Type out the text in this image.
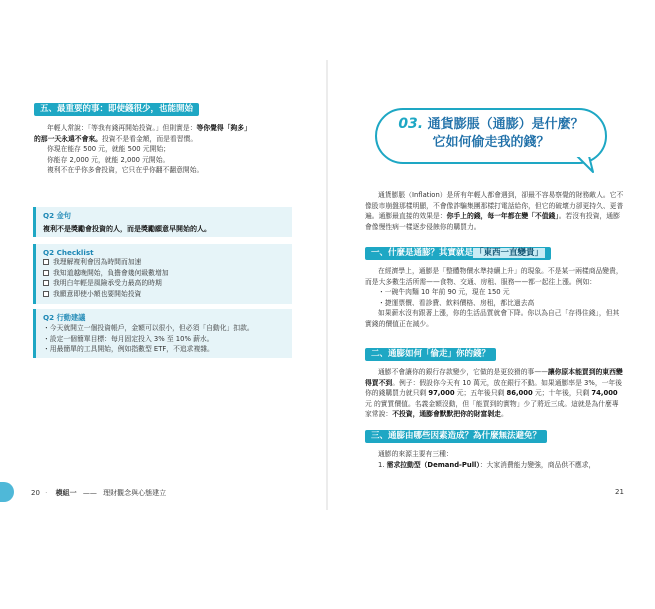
五、最重要的事：即使錢很少，也能開始
年輕人常說：「等我有錢再開始投資。」但則實是：等你覺得「夠多」
的那一天永遠不會來。投資不是看金額，而是看習慣。
你現在能存 500 元，就能 500 元開始；
你能存 2,000 元，就能 2,000 元開始。
複利不在乎你多會投資，它只在乎你翻不翻意開始。
Q2 金句
複利不是獎勵會投資的人，而是獎勵願意早開始的人。
Q2 Checklist
我理解複利會因為時間而加速
我知道越晚開始，負擔會幾何級數增加
我明白年輕是風險承受力最高的時期
我願意即使小額也要開始投資
Q2 行動建議
・今天就開立一個投資帳戶，金額可以很小，但必須「自動化」扣款。
・設定一個簡單目標：每月固定投入 3% 至 10% 薪水。
・用最簡單的工具開始，例如指數型 ETF，不追求複雜。
20 · 模組一 —— 理財觀念與心態建立
03. 通貨膨脹（通膨）是什麼？
它如何偷走我的錢？
通貨膨脹（Inflation）是所有年輕人都會遇到，卻最不容易察覺的財務敵人。它不像股市崩盤那樣明顯，不會像詐騙集團那樣打電話給你，但它的破壞力卻更持久、更普遍。通膨最直接的效果是：你手上的錢，每一年都在變「不值錢」。若沒有投資，通膨會像慢性病一樣逐步侵蝕你的購買力。
一、什麼是通膨？其實就是 「東西一直變貴」
在經濟學上，通膨是「整體物價水準持續上升」的現象。不是某一兩樣商品變貴，而是大多數生活所需——食物、交通、房租、服務——都一起往上漲。例如：
・一碗牛肉麵 10 年前 90 元，現在 150 元
・捷運票價、看診費、飲料價格、房租，都比過去高
如果薪水沒有跟著上漲，你的生活品質就會下降。你以為自己「存得住錢」，但其實錢的價值正在減少。
二、通膨如何「偷走」你的錢？
通膨不會讓你的銀行存款變少，它做的是更狡猾的事——讓你原本能買到的東西變得買不到。例子：假設你今天有 10 萬元，放在銀行不動。如果通膨率是 3%，一年後你的錢購買力就只剩 97,000 元；五年後只剩 86,000 元；十年後，只剩 74,000 元 的實質價值。名義金額沒動，但「能買到的實物」少了將近三成。這就是為什麼專家常說：不投資，通膨會默默把你的財富剝走。
三、通膨由哪些因素造成？為什麼無法避免？
通膨的來源主要有三種：
1. 需求拉動型（Demand-Pull）：大家消費能力變強，商品供不應求，
21
